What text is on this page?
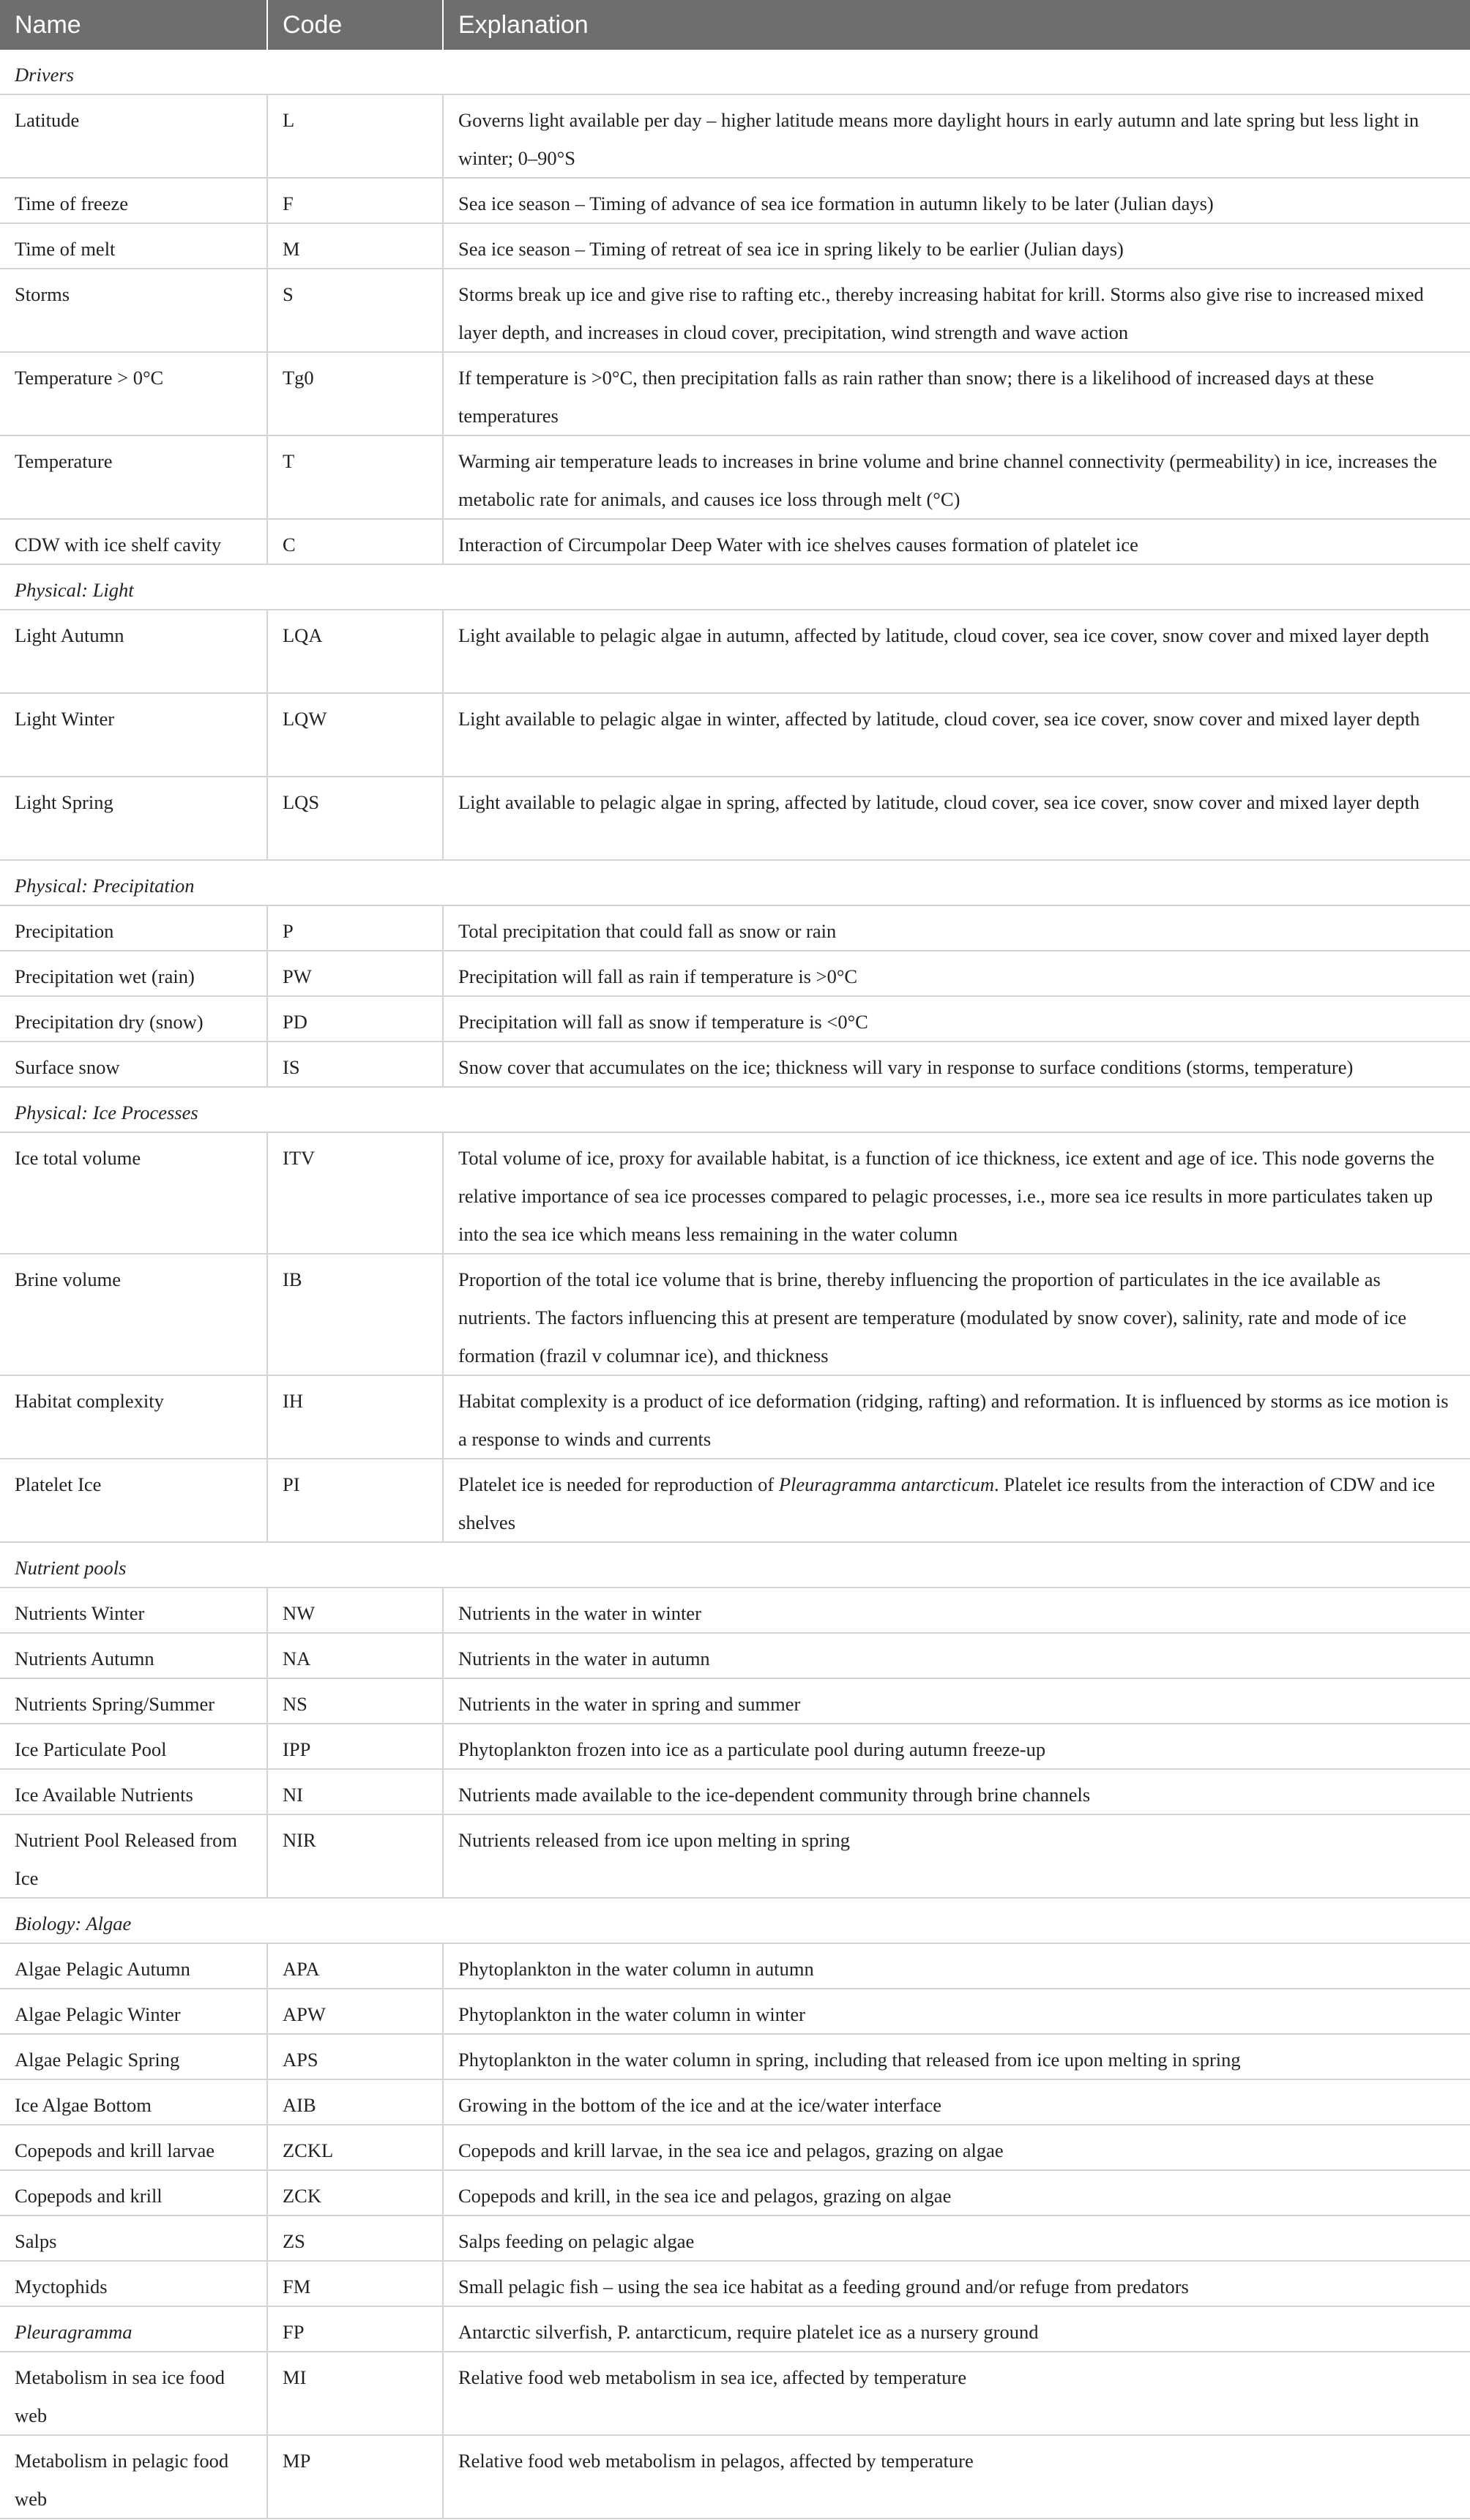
Name	Code	Explanation
Drivers		
Latitude	L	Governs light available per day – higher latitude means more daylight hours in early autumn and late spring but less light in winter; 0–90°S
Time of freeze	F	Sea ice season – Timing of advance of sea ice formation in autumn likely to be later (Julian days)
Time of melt	M	Sea ice season – Timing of retreat of sea ice in spring likely to be earlier (Julian days)
Storms	S	Storms break up ice and give rise to rafting etc., thereby increasing habitat for krill. Storms also give rise to increased mixed layer depth, and increases in cloud cover, precipitation, wind strength and wave action
Temperature > 0°C	Tg0	If temperature is >0°C, then precipitation falls as rain rather than snow; there is a likelihood of increased days at these temperatures
Temperature	T	Warming air temperature leads to increases in brine volume and brine channel connectivity (permeability) in ice, increases the metabolic rate for animals, and causes ice loss through melt (°C)
CDW with ice shelf cavity	C	Interaction of Circumpolar Deep Water with ice shelves causes formation of platelet ice
Physical: Light		
Light Autumn	LQA	Light available to pelagic algae in autumn, affected by latitude, cloud cover, sea ice cover, snow cover and mixed layer depth
Light Winter	LQW	Light available to pelagic algae in winter, affected by latitude, cloud cover, sea ice cover, snow cover and mixed layer depth
Light Spring	LQS	Light available to pelagic algae in spring, affected by latitude, cloud cover, sea ice cover, snow cover and mixed layer depth
Physical: Precipitation		
Precipitation	P	Total precipitation that could fall as snow or rain
Precipitation wet (rain)	PW	Precipitation will fall as rain if temperature is >0°C
Precipitation dry (snow)	PD	Precipitation will fall as snow if temperature is <0°C
Surface snow	IS	Snow cover that accumulates on the ice; thickness will vary in response to surface conditions (storms, temperature)
Physical: Ice Processes		
Ice total volume	ITV	Total volume of ice, proxy for available habitat, is a function of ice thickness, ice extent and age of ice. This node governs the relative importance of sea ice processes compared to pelagic processes, i.e., more sea ice results in more particulates taken up into the sea ice which means less remaining in the water column
Brine volume	IB	Proportion of the total ice volume that is brine, thereby influencing the proportion of particulates in the ice available as nutrients. The factors influencing this at present are temperature (modulated by snow cover), salinity, rate and mode of ice formation (frazil v columnar ice), and thickness
Habitat complexity	IH	Habitat complexity is a product of ice deformation (ridging, rafting) and reformation. It is influenced by storms as ice motion is a response to winds and currents
Platelet Ice	PI	Platelet ice is needed for reproduction of Pleuragramma antarcticum. Platelet ice results from the interaction of CDW and ice shelves
Nutrient pools		
Nutrients Winter	NW	Nutrients in the water in winter
Nutrients Autumn	NA	Nutrients in the water in autumn
Nutrients Spring/Summer	NS	Nutrients in the water in spring and summer
Ice Particulate Pool	IPP	Phytoplankton frozen into ice as a particulate pool during autumn freeze-up
Ice Available Nutrients	NI	Nutrients made available to the ice-dependent community through brine channels
Nutrient Pool Released from Ice	NIR	Nutrients released from ice upon melting in spring
Biology: Algae		
Algae Pelagic Autumn	APA	Phytoplankton in the water column in autumn
Algae Pelagic Winter	APW	Phytoplankton in the water column in winter
Algae Pelagic Spring	APS	Phytoplankton in the water column in spring, including that released from ice upon melting in spring
Ice Algae Bottom	AIB	Growing in the bottom of the ice and at the ice/water interface
Copepods and krill larvae	ZCKL	Copepods and krill larvae, in the sea ice and pelagos, grazing on algae
Copepods and krill	ZCK	Copepods and krill, in the sea ice and pelagos, grazing on algae
Salps	ZS	Salps feeding on pelagic algae
Myctophids	FM	Small pelagic fish – using the sea ice habitat as a feeding ground and/or refuge from predators
Pleuragramma	FP	Antarctic silverfish, P. antarcticum, require platelet ice as a nursery ground
Metabolism in sea ice food web	MI	Relative food web metabolism in sea ice, affected by temperature
Metabolism in pelagic food web	MP	Relative food web metabolism in pelagos, affected by temperature
